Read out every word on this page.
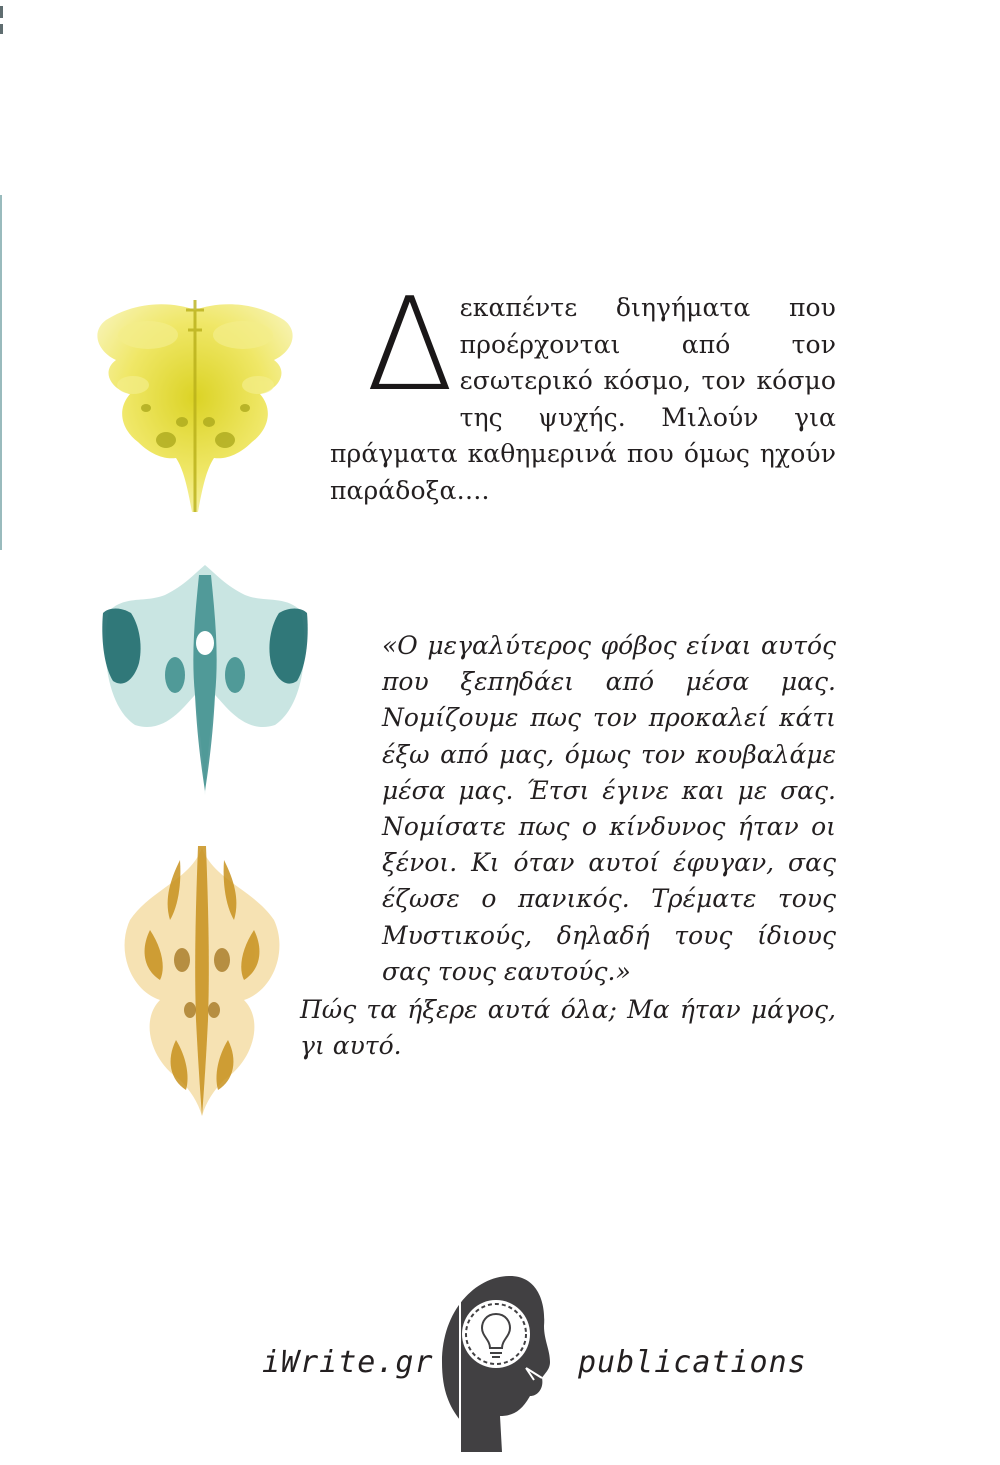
Δ εκαπέντε διηγήματα που προέρχονται από τον εσωτερικό κόσμο, τον κόσμο της ψυχής. Μιλούν για πράγματα καθημερινά που όμως ηχούν παράδοξα….

«Ο μεγαλύτερος φόβος είναι αυτός που ξεπηδάει από μέσα μας. Νομίζουμε πως τον προκαλεί κάτι έξω από μας, όμως τον κουβαλάμε μέσα μας. Έτσι έγινε και με σας. Νομίσατε πως ο κίνδυνος ήταν οι ξένοι. Κι όταν αυτοί έφυγαν, σας έζωσε ο πανικός. Τρέματε τους Μυστικούς, δηλαδή τους ίδιους σας τους εαυτούς.»

Πώς τα ήξερε αυτά όλα; Μα ήταν μάγος, γι αυτό.

iWrite.gr	publications
